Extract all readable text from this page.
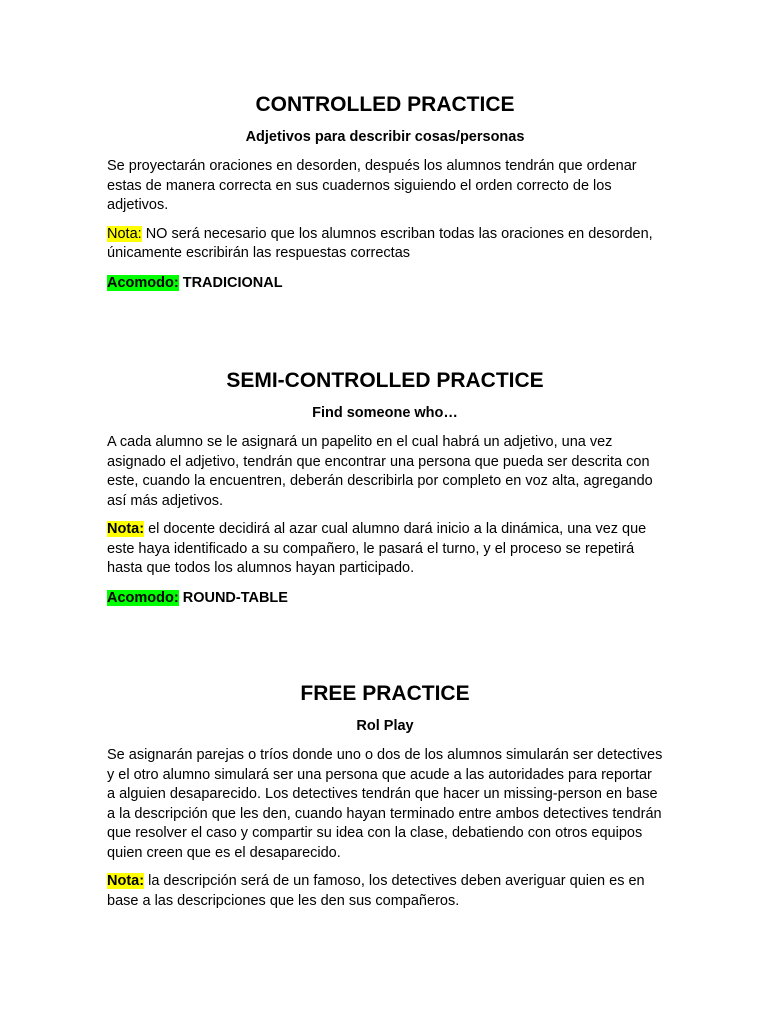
CONTROLLED PRACTICE

Adjetivos para describir cosas/personas

Se proyectarán oraciones en desorden, después los alumnos tendrán que ordenar estas de manera correcta en sus cuadernos siguiendo el orden correcto de los adjetivos.

Nota: NO será necesario que los alumnos escriban todas las oraciones en desorden, únicamente escribirán las respuestas correctas

Acomodo: TRADICIONAL

SEMI-CONTROLLED PRACTICE

Find someone who…

A cada alumno se le asignará un papelito en el cual habrá un adjetivo, una vez asignado el adjetivo, tendrán que encontrar una persona que pueda ser descrita con este, cuando la encuentren, deberán describirla por completo en voz alta, agregando así más adjetivos.

Nota: el docente decidirá al azar cual alumno dará inicio a la dinámica, una vez que este haya identificado a su compañero, le pasará el turno, y el proceso se repetirá hasta que todos los alumnos hayan participado.

Acomodo: ROUND-TABLE

FREE PRACTICE

Rol Play

Se asignarán parejas o tríos donde uno o dos de los alumnos simularán ser detectives y el otro alumno simulará ser una persona que acude a las autoridades para reportar a alguien desaparecido. Los detectives tendrán que hacer un missing-person en base a la descripción que les den, cuando hayan terminado entre ambos detectives tendrán que resolver el caso y compartir su idea con la clase, debatiendo con otros equipos quien creen que es el desaparecido.

Nota: la descripción será de un famoso, los detectives deben averiguar quien es en base a las descripciones que les den sus compañeros.
